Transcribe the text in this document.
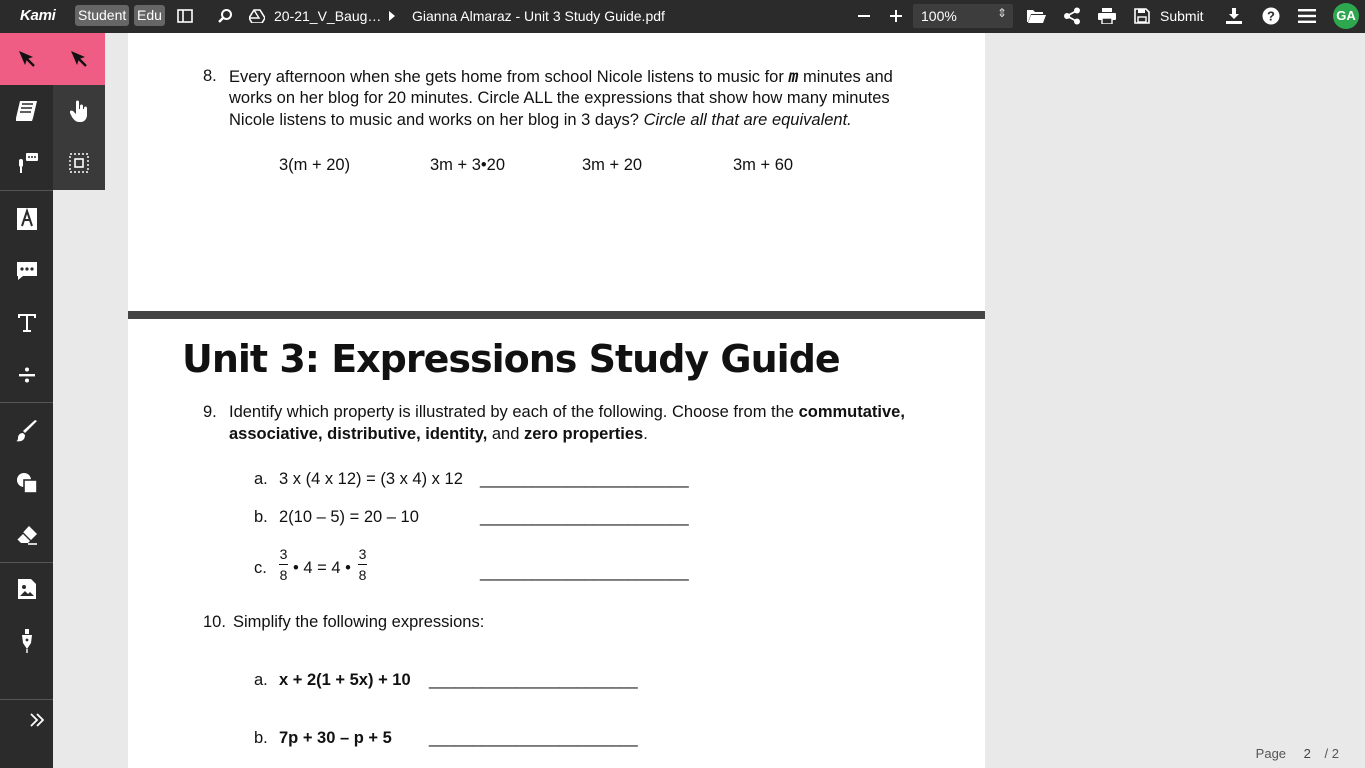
Kami Student Edu	20-21_V_Baug… Gianna Almaraz - Unit 3 Study Guide.pdf	100%	⇕	Submit	?	GA
8. Every afternoon when she gets home from school Nicole listens to music for m minutes and
works on her blog for 20 minutes. Circle ALL the expressions that show how many minutes
Nicole listens to music and works on her blog in 3 days? Circle all that are equivalent.
3(m + 20)	3m + 3•20	3m + 20	3m + 60
Unit 3: Expressions Study Guide
9. Identify which property is illustrated by each of the following. Choose from the commutative,
associative, distributive, identity, and zero properties.
a. 3 x (4 x 12) = (3 x 4) x 12 ________________________
b. 2(10 – 5) = 20 – 10	________________________
c.
3
8 • 4 = 4 •
3
8	________________________
10. Simplify the following expressions:
a. x + 2(1 + 5x) + 10 ________________________
b. 7p + 30 – p + 5 ________________________
Page 2 / 2
